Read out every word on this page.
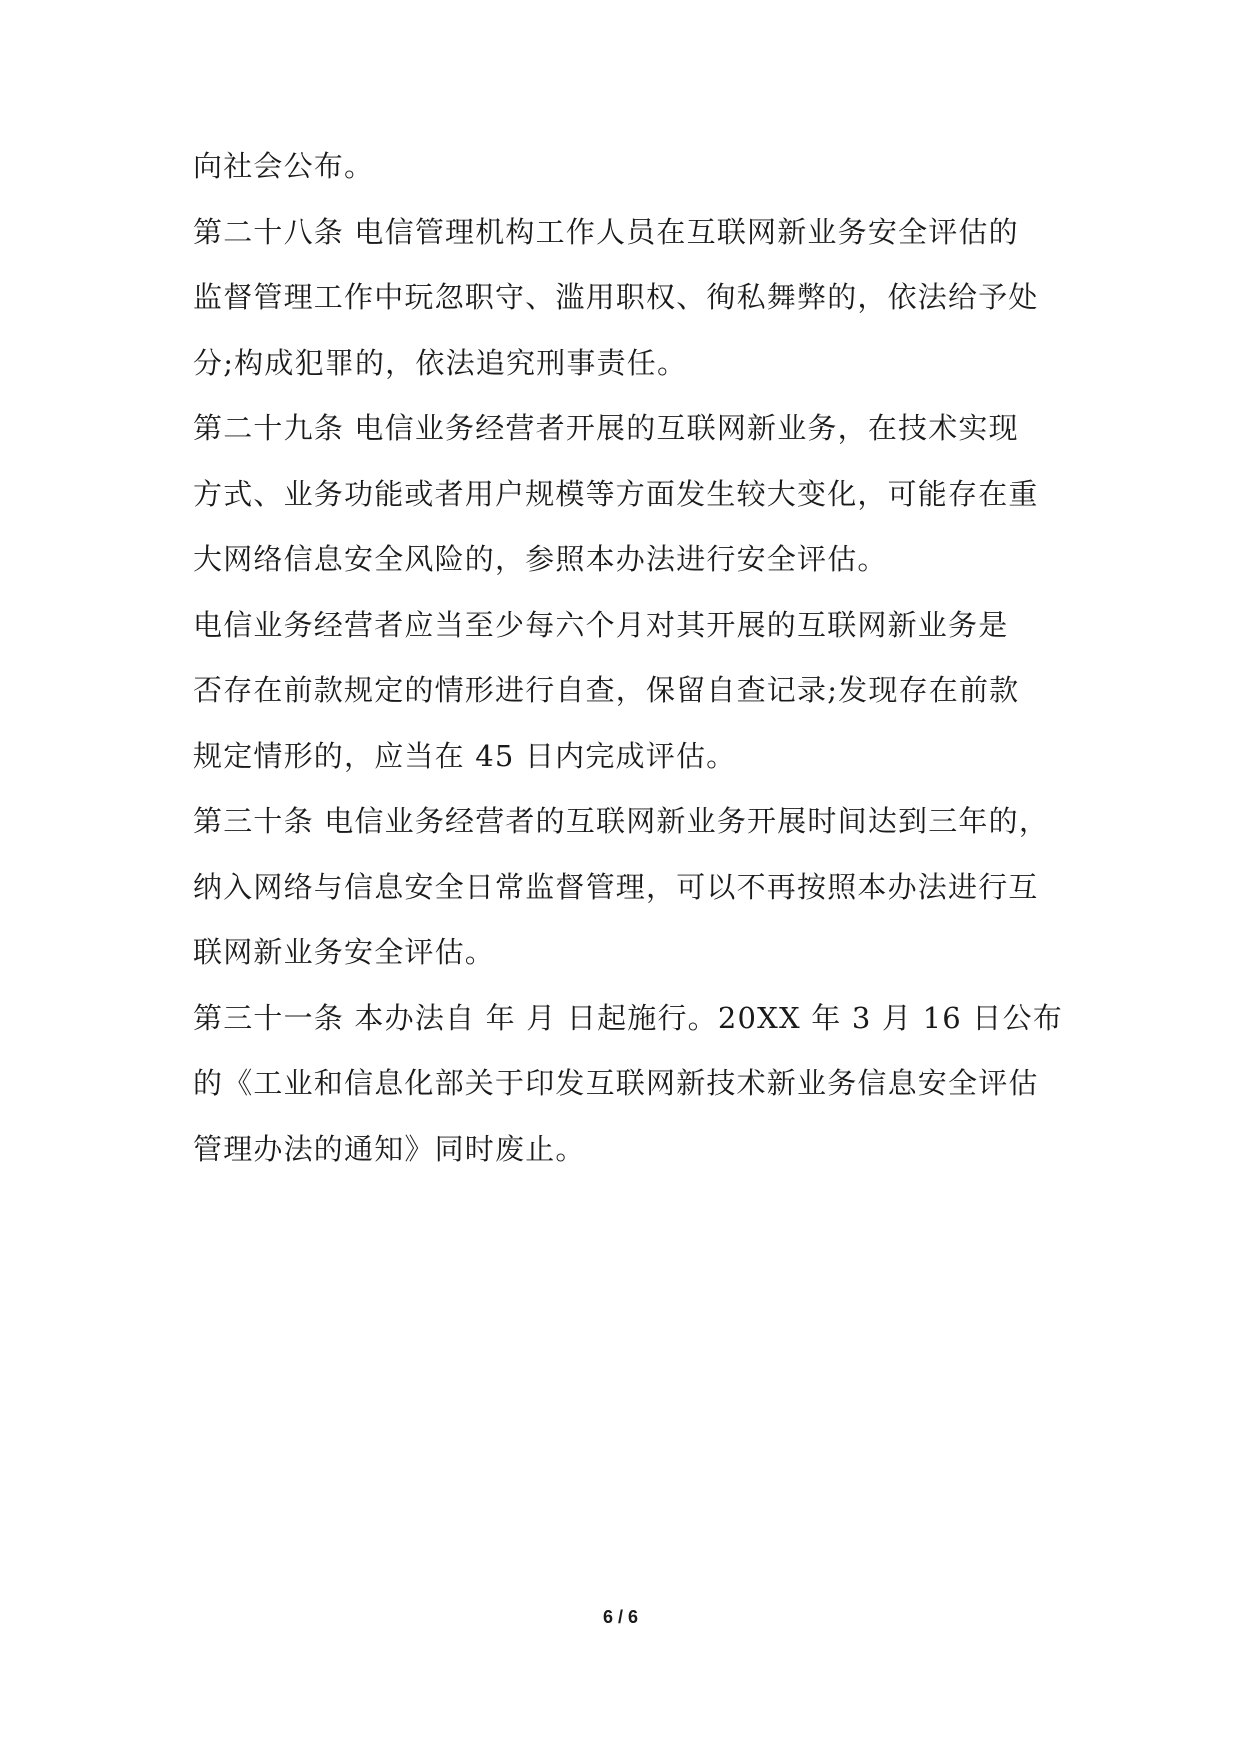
向社会公布。
第二十八条 电信管理机构工作人员在互联网新业务安全评估的
监督管理工作中玩忽职守、滥用职权、徇私舞弊的，依法给予处
分;构成犯罪的，依法追究刑事责任。
第二十九条 电信业务经营者开展的互联网新业务，在技术实现
方式、业务功能或者用户规模等方面发生较大变化，可能存在重
大网络信息安全风险的，参照本办法进行安全评估。
电信业务经营者应当至少每六个月对其开展的互联网新业务是
否存在前款规定的情形进行自查，保留自查记录;发现存在前款
规定情形的，应当在 45 日内完成评估。
第三十条 电信业务经营者的互联网新业务开展时间达到三年的，
纳入网络与信息安全日常监督管理，可以不再按照本办法进行互
联网新业务安全评估。
第三十一条 本办法自 年 月 日起施行。20XX 年 3 月 16 日公布
的《工业和信息化部关于印发互联网新技术新业务信息安全评估
管理办法的通知》同时废止。
6 / 6
